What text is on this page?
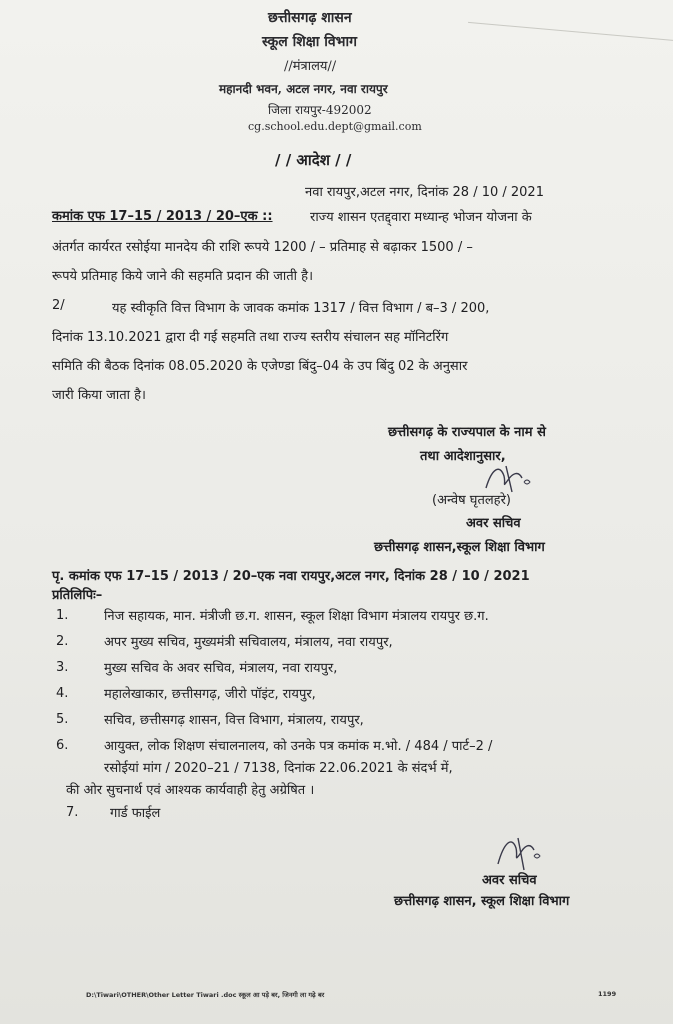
छत्तीसगढ़ शासन
स्कूल शिक्षा विभाग
//मंत्रालय//
महानदी भवन, अटल नगर, नवा रायपुर
जिला रायपुर-492002
cg.school.edu.dept@gmail.com
/ / आदेश / /
नवा रायपुर,अटल नगर, दिनांक 28 / 10 / 2021
कमांक एफ 17–15 / 2013 / 20–एक ::	राज्य शासन एतद्द्वारा मध्यान्ह भोजन योजना के
अंतर्गत कार्यरत रसोईया मानदेय की राशि रूपये 1200 / – प्रतिमाह से बढ़ाकर 1500 / –
रूपये प्रतिमाह किये जाने की सहमति प्रदान की जाती है।
2/	यह स्वीकृति वित्त विभाग के जावक कमांक 1317 / वित्त विभाग / ब–3 / 200,
दिनांक 13.10.2021 द्वारा दी गई सहमति तथा राज्य स्तरीय संचालन सह मॉनिटरिंग
समिति की बैठक दिनांक 08.05.2020 के एजेण्डा बिंदु–04 के उप बिंदु 02 के अनुसार
जारी किया जाता है।
छत्तीसगढ़ के राज्यपाल के नाम से
तथा आदेशानुसार,
(अन्वेष घृतलहरे)
अवर सचिव
छत्तीसगढ़ शासन,स्कूल शिक्षा विभाग
पृ. कमांक एफ 17–15 / 2013 / 20–एक नवा रायपुर,अटल नगर, दिनांक 28 / 10 / 2021
प्रतिलिपिः–
1.	निज सहायक, मान. मंत्रीजी छ.ग. शासन, स्कूल शिक्षा विभाग मंत्रालय रायपुर छ.ग.
2.	अपर मुख्य सचिव, मुख्यमंत्री सचिवालय, मंत्रालय, नवा रायपुर,
3.	मुख्य सचिव के अवर सचिव, मंत्रालय, नवा रायपुर,
4.	महालेखाकार, छत्तीसगढ़, जीरो पॉइंट, रायपुर,
5.	सचिव, छत्तीसगढ़ शासन, वित्त विभाग, मंत्रालय, रायपुर,
6.	आयुक्त, लोक शिक्षण संचालनालय, को उनके पत्र कमांक म.भो. / 484 / पार्ट–2 /
रसोईयां मांग / 2020–21 / 7138, दिनांक 22.06.2021 के संदर्भ में,
की ओर सुचनार्थ एवं आश्यक कार्यवाही हेतु अग्रेषित ।
7. गार्ड फाईल
अवर सचिव
छत्तीसगढ़ शासन, स्कूल शिक्षा विभाग
D:\Tiwari\OTHER\Other Letter Tiwari .doc स्कूल आ पड़े बर, जिनगी ला गढ़े बर	1199
